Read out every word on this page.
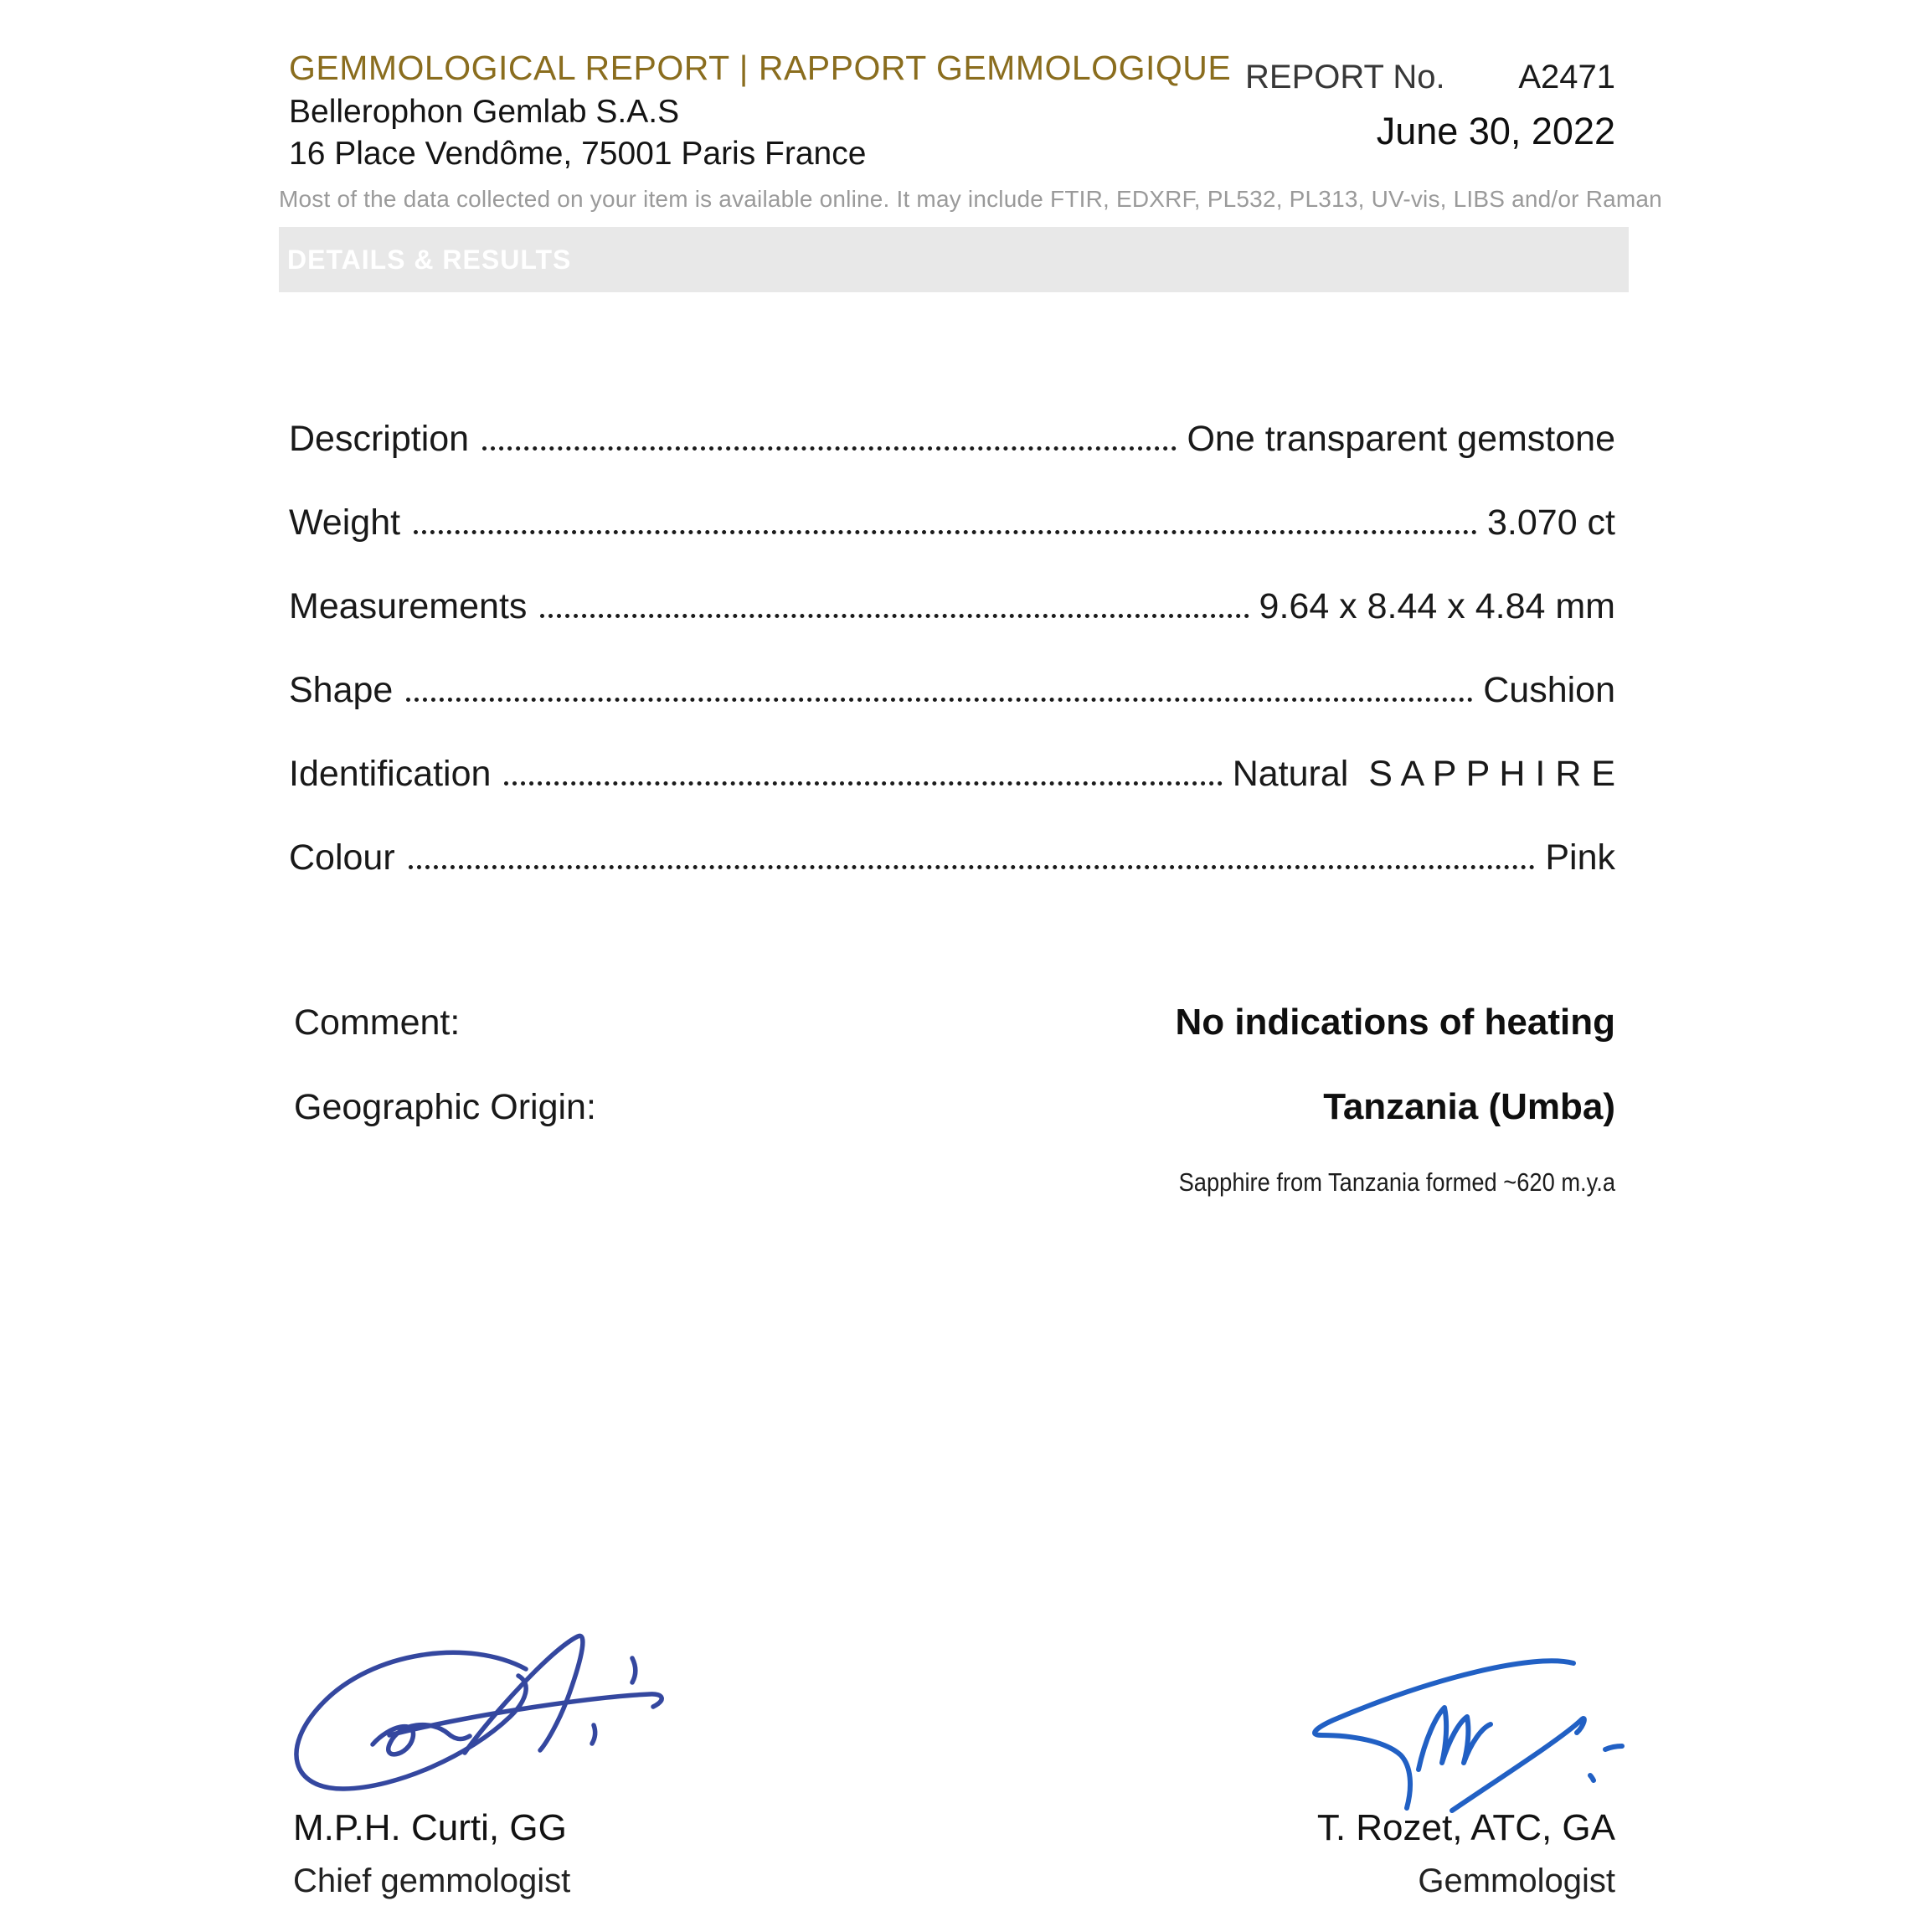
GEMMOLOGICAL REPORT | RAPPORT GEMMOLOGIQUE
Bellerophon Gemlab S.A.S
16 Place Vendôme, 75001 Paris France
REPORT No. A2471
June 30, 2022
Most of the data collected on your item is available online. It may include FTIR, EDXRF, PL532, PL313, UV-vis, LIBS and/or Raman
DETAILS & RESULTS
Description	One transparent gemstone
Weight	3.070 ct
Measurements	9.64 x 8.44 x 4.84 mm
Shape	Cushion
Identification	Natural  S A P P H I R E
Colour	Pink
Comment:	No indications of heating
Geographic Origin:	Tanzania (Umba)
Sapphire from Tanzania formed ~620 m.y.a
M.P.H. Curti, GG
Chief gemmologist
T. Rozet, ATC, GA
Gemmologist
